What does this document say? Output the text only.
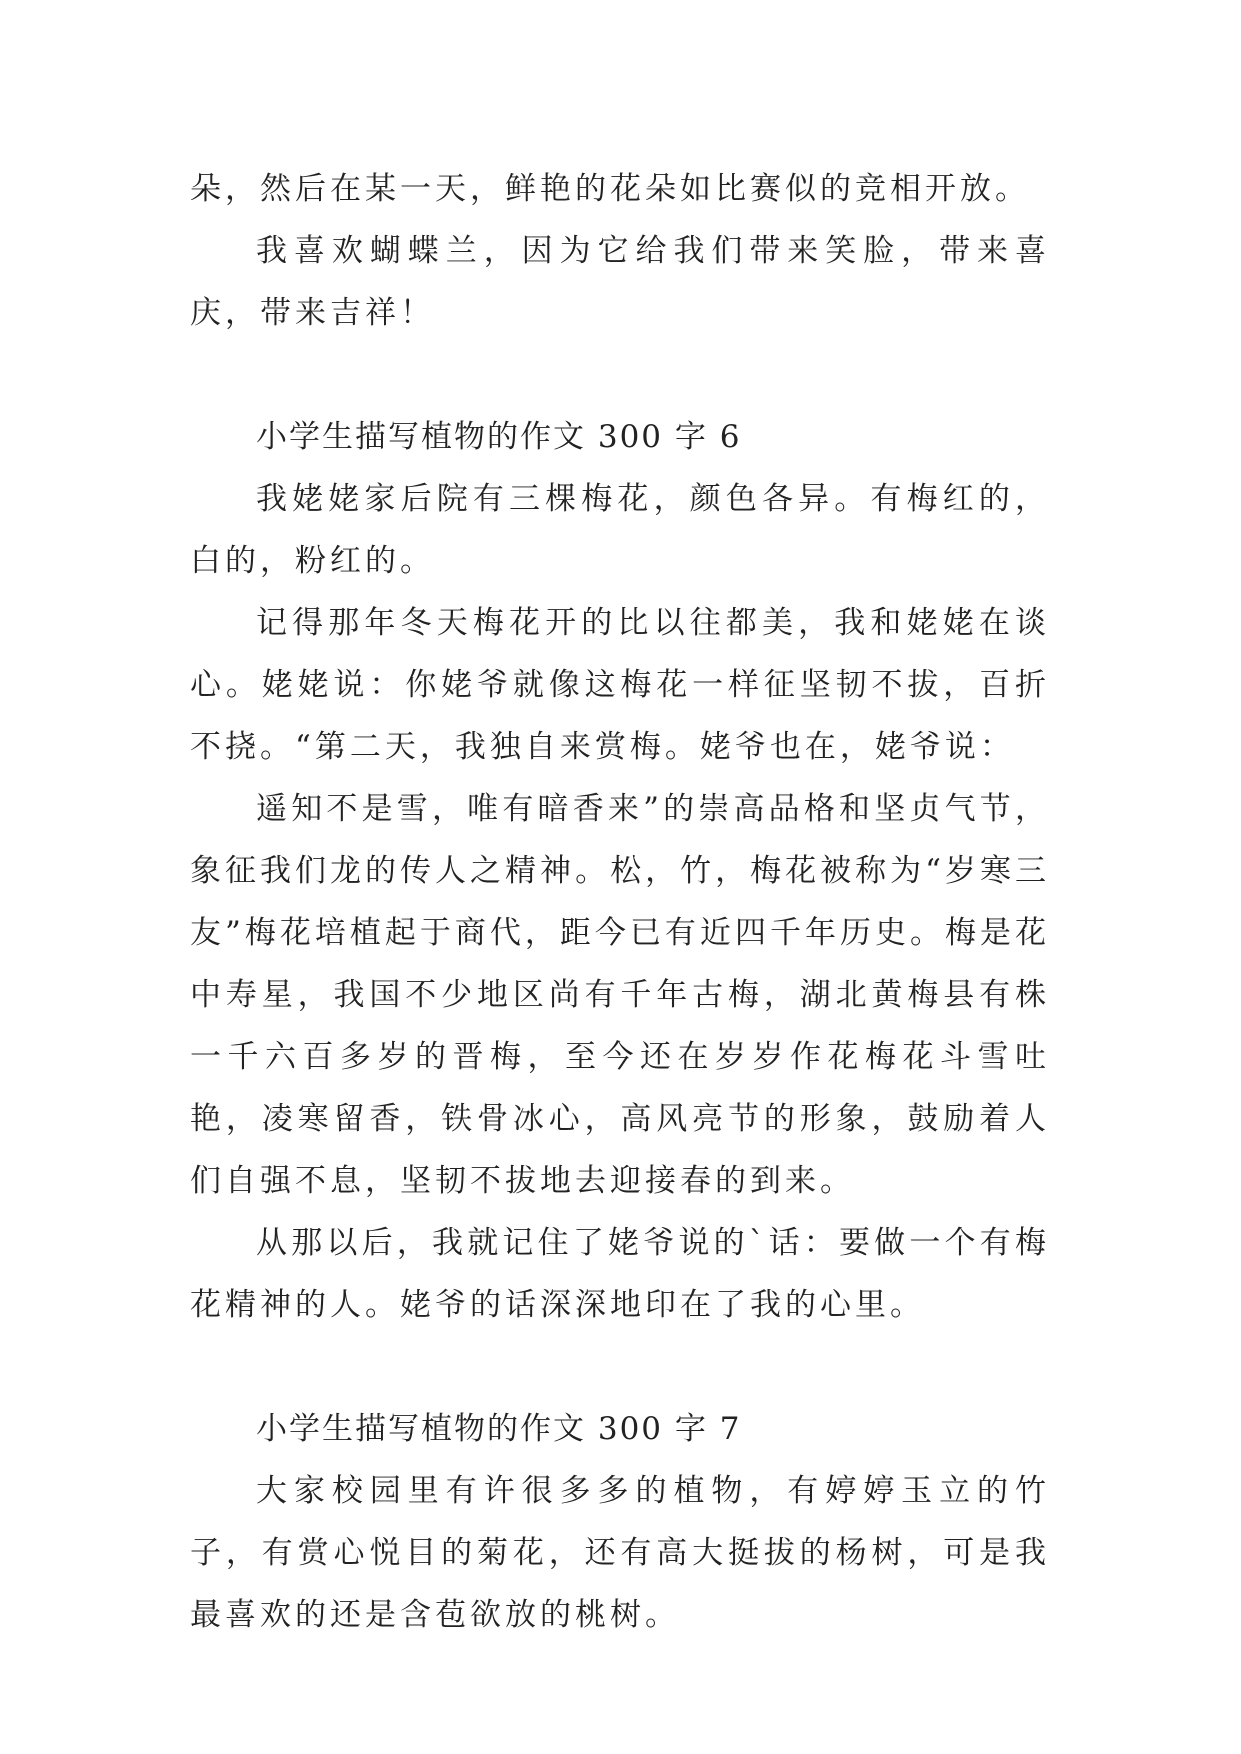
朵，然后在某一天，鲜艳的花朵如比赛似的竞相开放。

我喜欢蝴蝶兰，因为它给我们带来笑脸，带来喜庆，带来吉祥！

小学生描写植物的作文 300 字 6

我姥姥家后院有三棵梅花，颜色各异。有梅红的，白的，粉红的。

记得那年冬天梅花开的比以往都美，我和姥姥在谈心。姥姥说：你姥爷就像这梅花一样征坚韧不拔，百折不挠。“第二天，我独自来赏梅。姥爷也在，姥爷说：

遥知不是雪，唯有暗香来”的崇高品格和坚贞气节，象征我们龙的传人之精神。松，竹，梅花被称为“岁寒三友”梅花培植起于商代，距今已有近四千年历史。梅是花中寿星，我国不少地区尚有千年古梅，湖北黄梅县有株一千六百多岁的晋梅，至今还在岁岁作花梅花斗雪吐艳，凌寒留香，铁骨冰心，高风亮节的形象，鼓励着人们自强不息，坚韧不拔地去迎接春的到来。

从那以后，我就记住了姥爷说的`话：要做一个有梅花精神的人。姥爷的话深深地印在了我的心里。

小学生描写植物的作文 300 字 7

大家校园里有许很多多的植物，有婷婷玉立的竹子，有赏心悦目的菊花，还有高大挺拔的杨树，可是我最喜欢的还是含苞欲放的桃树。
